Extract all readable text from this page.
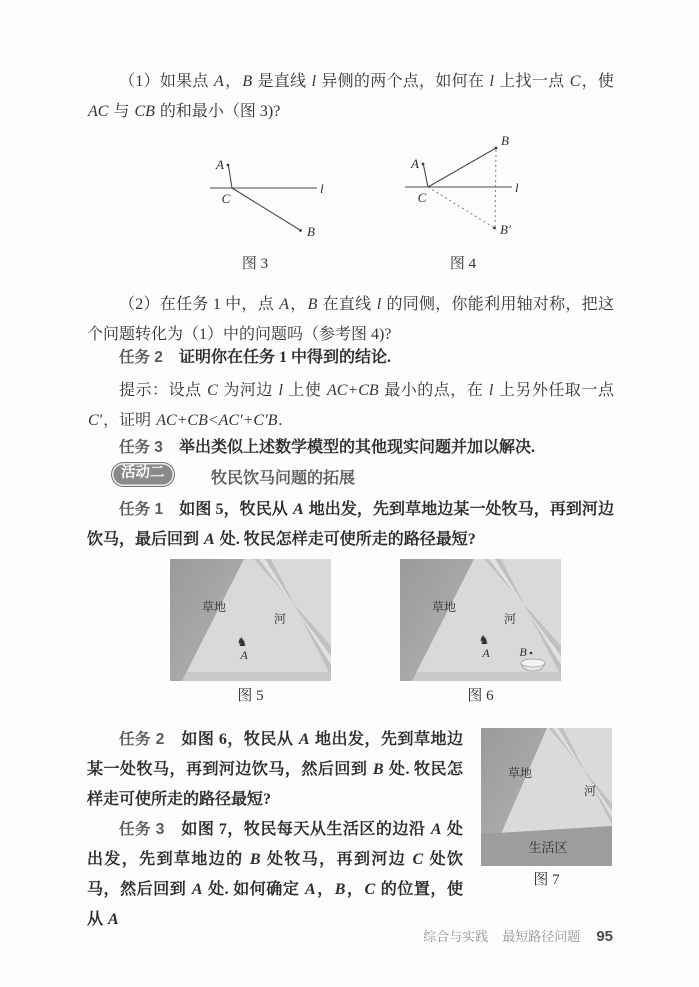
（1）如果点 A，B 是直线 l 异侧的两个点，如何在 l 上找一点 C，使 AC 与 CB 的和最小（图 3)?
A
l
C
B
图 3
A
B
l
C
B′
图 4
（2）在任务 1 中，点 A，B 在直线 l 的同侧，你能利用轴对称，把这个问题转化为（1）中的问题吗（参考图 4)?
任务 2　证明你在任务 1 中得到的结论.
提示：设点 C 为河边 l 上使 AC+CB 最小的点，在 l 上另外任取一点 C′，证明 AC+CB<AC′+C′B.
任务 3　举出类似上述数学模型的其他现实问题并加以解决.
活动二	牧民饮马问题的拓展
任务 1　如图 5，牧民从 A 地出发，先到草地边某一处牧马，再到河边饮马，最后回到 A 处. 牧民怎样走可使所走的路径最短?
草地
河
♞
A
图 5
草地
河
♞
A B
图 6
任务 2　如图 6，牧民从 A 地出发，先到草地边某一处牧马，再到河边饮马，然后回到 B 处. 牧民怎样走可使所走的路径最短?
任务 3　如图 7，牧民每天从生活区的边沿 A 处出发，先到草地边的 B 处牧马，再到河边 C 处饮马，然后回到 A 处. 如何确定 A，B，C 的位置，使从 A
草地
河
生活区
图 7
综合与实践 最短路径问题 95
